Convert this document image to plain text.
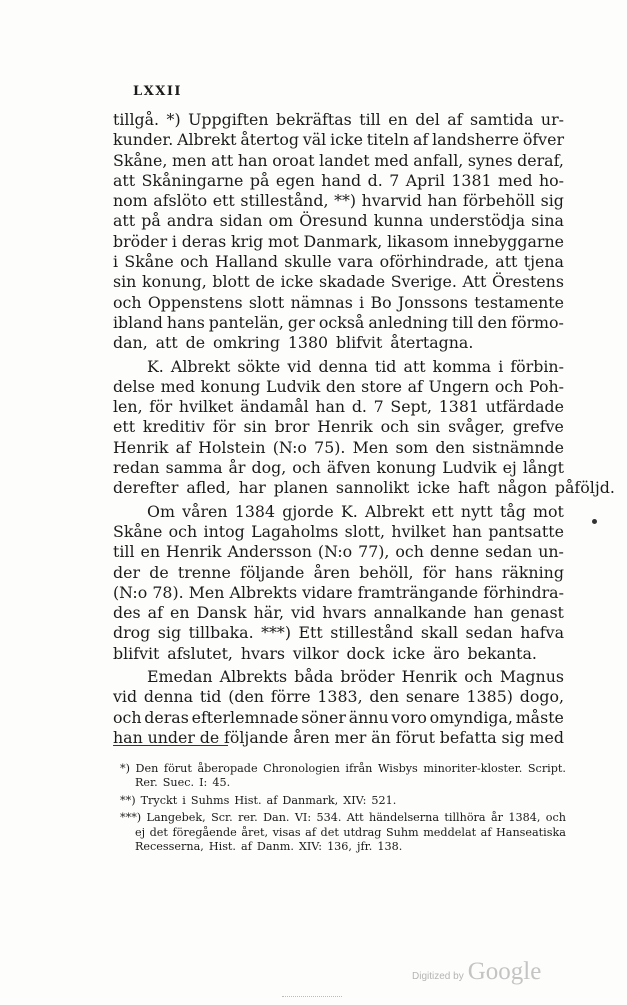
LXXII
tillgå. *) Uppgiften bekräftas till en del af samtida ur-
kunder. Albrekt återtog väl icke titeln af landsherre öfver
Skåne, men att han oroat landet med anfall, synes deraf,
att Skåningarne på egen hand d. 7 April 1381 med ho-
nom afslöto ett stillestånd, **) hvarvid han förbehöll sig
att på andra sidan om Öresund kunna understödja sina
bröder i deras krig mot Danmark, likasom innebyggarne
i Skåne och Halland skulle vara oförhindrade, att tjena
sin konung, blott de icke skadade Sverige. Att Örestens
och Oppenstens slott nämnas i Bo Jonssons testamente
ibland hans pantelän, ger också anledning till den förmo-
dan, att de omkring 1380 blifvit återtagna.
K. Albrekt sökte vid denna tid att komma i förbin-
delse med konung Ludvik den store af Ungern och Poh-
len, för hvilket ändamål han d. 7 Sept, 1381 utfärdade
ett kreditiv för sin bror Henrik och sin svåger, grefve
Henrik af Holstein (N:o 75). Men som den sistnämnde
redan samma år dog, och äfven konung Ludvik ej långt
derefter afled, har planen sannolikt icke haft någon påföljd.
Om våren 1384 gjorde K. Albrekt ett nytt tåg mot
Skåne och intog Lagaholms slott, hvilket han pantsatte
till en Henrik Andersson (N:o 77), och denne sedan un-
der de trenne följande åren behöll, för hans räkning
(N:o 78). Men Albrekts vidare framträngande förhindra-
des af en Dansk här, vid hvars annalkande han genast
drog sig tillbaka. ***) Ett stillestånd skall sedan hafva
blifvit afslutet, hvars vilkor dock icke äro bekanta.
Emedan Albrekts båda bröder Henrik och Magnus
vid denna tid (den förre 1383, den senare 1385) dogo,
och deras efterlemnade söner ännu voro omyndiga, måste
han under de följande åren mer än förut befatta sig med
*) Den förut åberopade Chronologien ifrån Wisbys minoriter-kloster. Script.
Rer. Suec. I: 45.
**) Tryckt i Suhms Hist. af Danmark, XIV: 521.
***) Langebek, Scr. rer. Dan. VI: 534. Att händelserna tillhöra år 1384, och
ej det föregående året, visas af det utdrag Suhm meddelat af Hanseatiska
Recesserna, Hist. af Danm. XIV: 136, jfr. 138.
Digitized by Google
